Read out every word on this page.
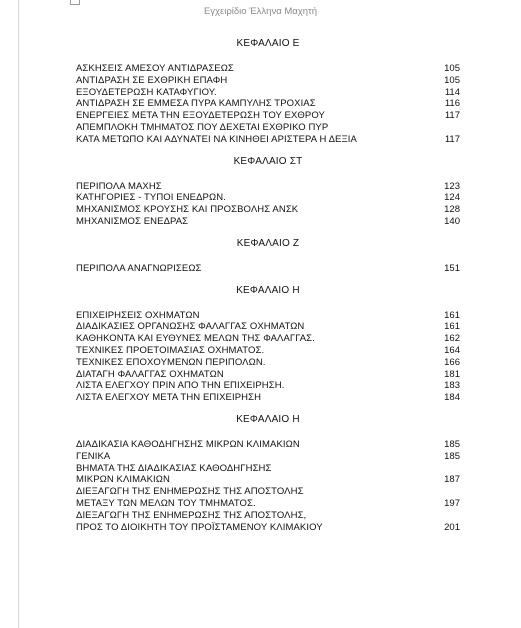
Εγχειρίδιο Έλληνα Μαχητή
ΚΕΦΑΛΑΙΟ Ε
ΑΣΚΗΣΕΙΣ ΑΜΕΣΟΥ ΑΝΤΙΔΡΑΣΕΩΣ	105
ΑΝΤΙΔΡΑΣΗ ΣΕ ΕΧΘΡΙΚΗ ΕΠΑΦΗ	105
ΕΞΟΥΔΕΤΕΡΩΣΗ ΚΑΤΑΦΥΓΙΟΥ.	114
ΑΝΤΙΔΡΑΣΗ ΣΕ ΕΜΜΕΣΑ ΠΥΡΑ ΚΑΜΠΥΛΗΣ ΤΡΟΧΙΑΣ	116
ΕΝΕΡΓΕΙΕΣ ΜΕΤΑ ΤΗΝ ΕΞΟΥΔΕΤΕΡΩΣΗ ΤΟΥ ΕΧΘΡΟΥ	117
ΑΠΕΜΠΛΟΚΗ ΤΜΗΜΑΤΟΣ ΠΟΥ ΔΕΧΕΤΑΙ ΕΧΘΡΙΚΟ ΠΥΡ
ΚΑΤΑ ΜΕΤΩΠΟ ΚΑΙ ΑΔΥΝΑΤΕΙ ΝΑ ΚΙΝΗΘΕΙ ΑΡΙΣΤΕΡΑ Η ΔΕΞΙΑ	117
ΚΕΦΑΛΑΙΟ ΣΤ
ΠΕΡΙΠΟΛΑ ΜΑΧΗΣ	123
ΚΑΤΗΓΟΡΙΕΣ - ΤΥΠΟΙ ΕΝΕΔΡΩΝ.	124
ΜΗΧΑΝΙΣΜΟΣ ΚΡΟΥΣΗΣ ΚΑΙ ΠΡΟΣΒΟΛΗΣ ΑΝΣΚ	128
ΜΗΧΑΝΙΣΜΟΣ ΕΝΕΔΡΑΣ	140
ΚΕΦΑΛΑΙΟ Ζ
ΠΕΡΙΠΟΛΑ ΑΝΑΓΝΩΡΙΣΕΩΣ	151
ΚΕΦΑΛΑΙΟ Η
ΕΠΙΧΕΙΡΗΣΕΙΣ ΟΧΗΜΑΤΩΝ	161
ΔΙΑΔΙΚΑΣΙΕΣ ΟΡΓΑΝΩΣΗΣ ΦΑΛΑΓΓΑΣ ΟΧΗΜΑΤΩΝ	161
ΚΑΘΗΚΟΝΤΑ ΚΑΙ ΕΥΘΥΝΕΣ ΜΕΛΩΝ ΤΗΣ ΦΑΛΑΓΓΑΣ.	162
ΤΕΧΝΙΚΕΣ ΠΡΟΕΤΟΙΜΑΣΙΑΣ ΟΧΗΜΑΤΟΣ.	164
ΤΕΧΝΙΚΕΣ ΕΠΟΧΟΥΜΕΝΩΝ ΠΕΡΙΠΟΛΩΝ.	166
ΔΙΑΤΑΓΗ ΦΑΛΑΓΓΑΣ ΟΧΗΜΑΤΩΝ	181
ΛΙΣΤΑ ΕΛΕΓΧΟΥ ΠΡΙΝ ΑΠΟ ΤΗΝ ΕΠΙΧΕΙΡΗΣΗ.	183
ΛΙΣΤΑ ΕΛΕΓΧΟΥ ΜΕΤΑ ΤΗΝ ΕΠΙΧΕΙΡΗΣΗ	184
ΚΕΦΑΛΑΙΟ Η
ΔΙΑΔΙΚΑΣΙΑ ΚΑΘΟΔΗΓΗΣΗΣ ΜΙΚΡΩΝ ΚΛΙΜΑΚΙΩΝ	185
ΓΕΝΙΚΑ	185
ΒΗΜΑΤΑ ΤΗΣ ΔΙΑΔΙΚΑΣΙΑΣ ΚΑΘΟΔΗΓΗΣΗΣ
ΜΙΚΡΩΝ ΚΛΙΜΑΚΙΩΝ	187
ΔΙΕΞΑΓΩΓΗ ΤΗΣ ΕΝΗΜΕΡΩΣΗΣ ΤΗΣ ΑΠΟΣΤΟΛΗΣ
ΜΕΤΑΞΥ ΤΩΝ ΜΕΛΩΝ ΤΟΥ ΤΜΗΜΑΤΟΣ.	197
ΔΙΕΞΑΓΩΓΗ ΤΗΣ ΕΝΗΜΕΡΩΣΗΣ ΤΗΣ ΑΠΟΣΤΟΛΗΣ,
ΠΡΟΣ ΤΟ ΔΙΟΙΚΗΤΗ ΤΟΥ ΠΡΟΪΣΤΑΜΕΝΟΥ ΚΛΙΜΑΚΙΟΥ	201
